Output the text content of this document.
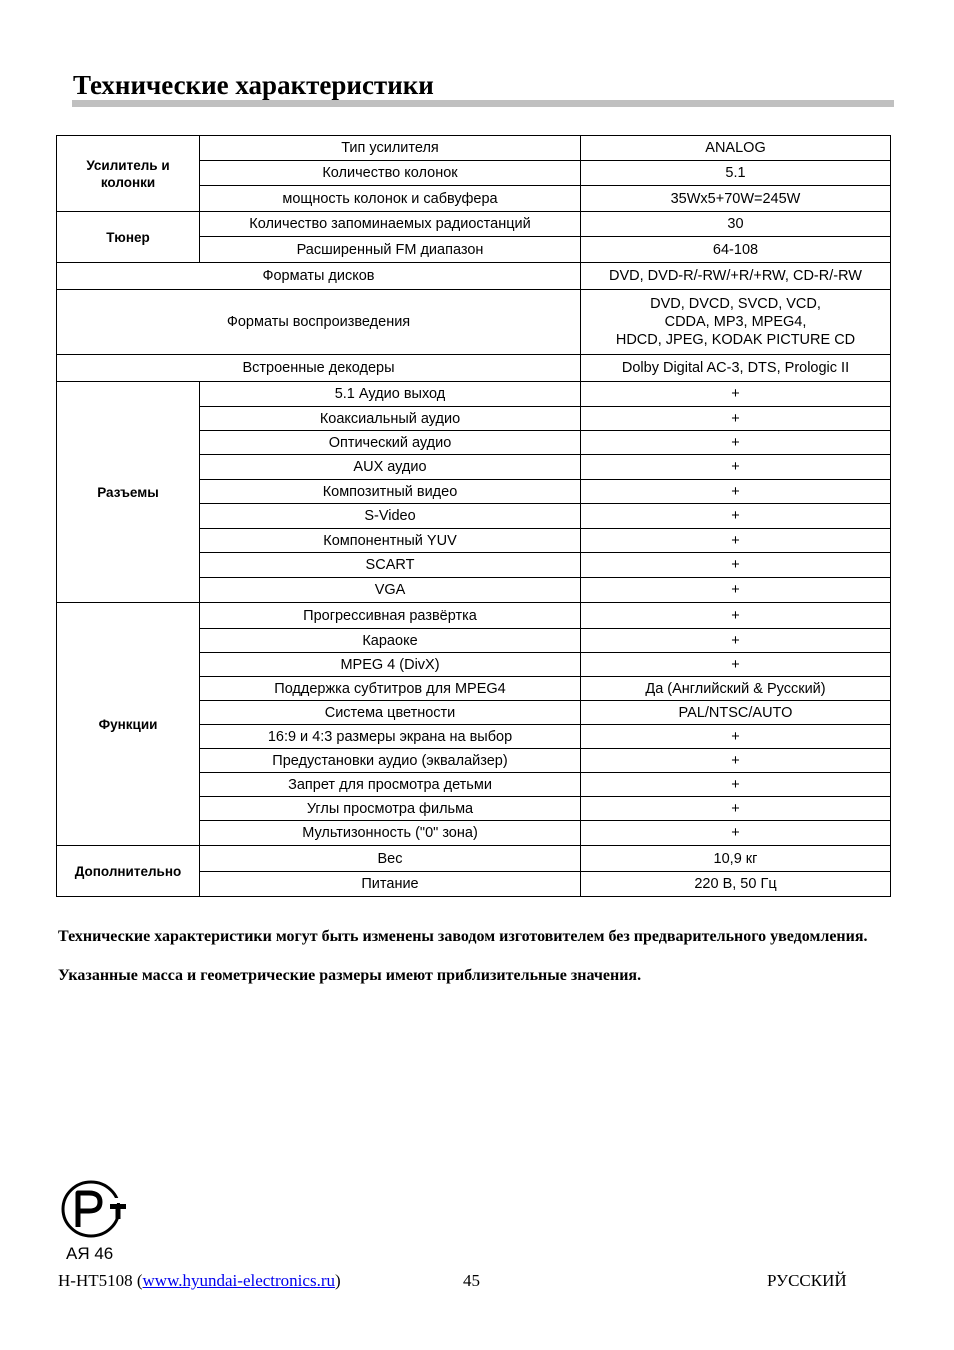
Технические характеристики
Усилитель и колонки	Тип усилителя	ANALOG
	Количество колонок	5.1
	мощность колонок и сабвуфера	35Wx5+70W=245W
Тюнер	Количество запоминаемых радиостанций	30
	Расширенный FM диапазон	64-108
Форматы дисков		DVD, DVD-R/-RW/+R/+RW, CD-R/-RW
Форматы воспроизведения		DVD, DVCD, SVCD, VCD,
CDDA, MP3, MPEG4,
HDCD, JPEG, KODAK PICTURE CD

Встроенные декодеры		Dolby Digital AC-3, DTS, Prologic II
Разъемы	5.1 Аудио выход	+
	Коаксиальный аудио	+
	Оптический аудио	+
	AUX аудио	+
	Композитный видео	+
	S-Video	+
	Компонентный YUV	+
	SCART	+
	VGA	+
Функции	Прогрессивная развёртка	+
	Караоке	+
	MPEG 4 (DivX)	+
	Поддержка субтитров для MPEG4	Да (Английский & Русский)
	Система цветности	PAL/NTSC/AUTO
	16:9 и 4:3 размеры экрана на выбор	+
	Предустановки аудио (эквалайзер)	+
	Запрет для просмотра детьми	+
	Углы просмотра фильма	+
	Мультизонность ("0" зона)	+
Дополнительно	Вес	10,9 кг
	Питание	220 В, 50 Гц

Технические характеристики могут быть изменены заводом изготовителем без предварительного уведомления.

Указанные масса и геометрические размеры имеют приблизительные значения.

АЯ 46
H-HT5108 (www.hyundai-electronics.ru)	45	РУССКИЙ
